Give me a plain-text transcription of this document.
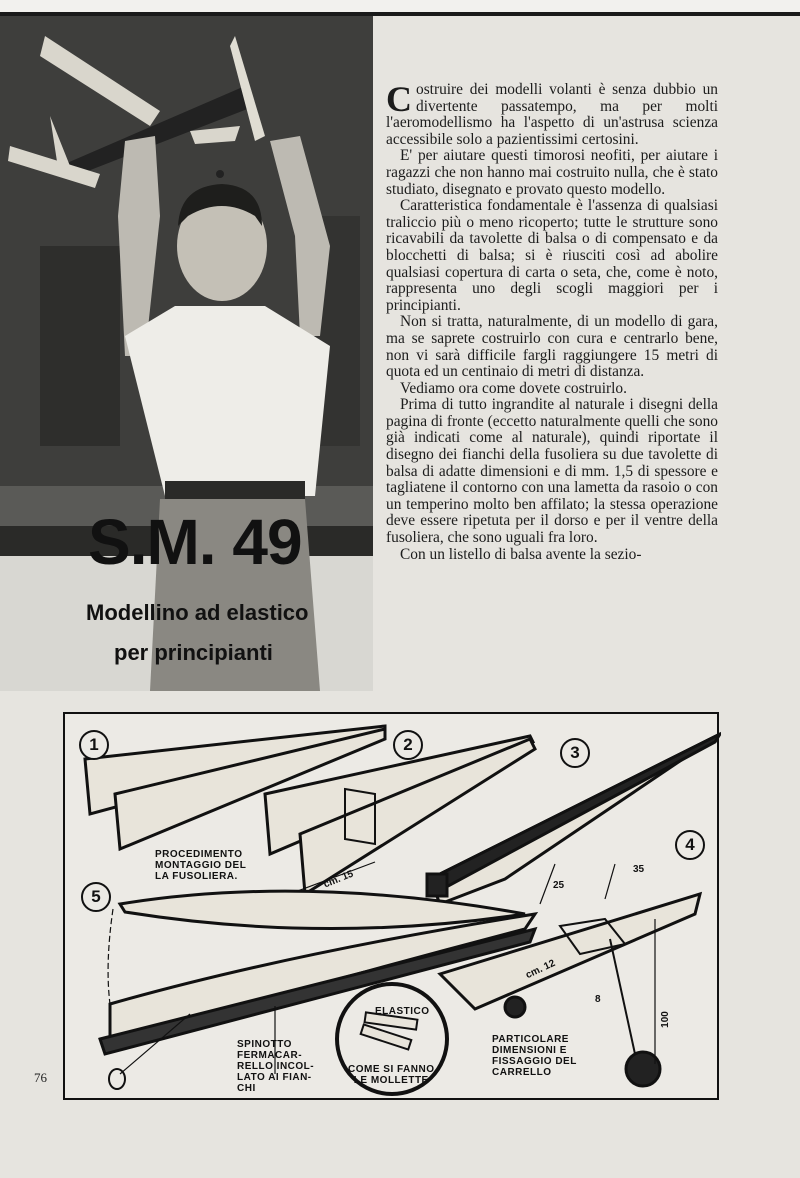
S.M. 49
Modellino ad elastico
per principianti

Costruire dei modelli volanti è senza dubbio un divertente passatempo, ma per molti l'aeromodellismo ha l'aspetto di un'astrusa scienza accessibile solo a pazientissimi certosini.

E' per aiutare questi timorosi neofiti, per aiutare i ragazzi che non hanno mai costruito nulla, che è stato studiato, disegnato e provato questo modello.

Caratteristica fondamentale è l'assenza di qualsiasi traliccio più o meno ricoperto; tutte le strutture sono ricavabili da tavolette di balsa o di compensato e da blocchetti di balsa; si è riusciti così ad abolire qualsiasi copertura di carta o seta, che, come è noto, rappresenta uno degli scogli maggiori per i principianti.

Non si tratta, naturalmente, di un modello di gara, ma se saprete costruirlo con cura e centrarlo bene, non vi sarà difficile fargli raggiungere 15 metri di quota ed un centinaio di metri di distanza.

Vediamo ora come dovete costruirlo.

Prima di tutto ingrandite al naturale i disegni della pagina di fronte (eccetto naturalmente quelli che sono già indicati come al naturale), quindi riportate il disegno dei fianchi della fusoliera su due tavolette di balsa di adatte dimensioni e di mm. 1,5 di spessore e tagliatene il contorno con una lametta da rasoio o con un temperino molto ben affilato; la stessa operazione deve essere ripetuta per il dorso e per il ventre della fusoliera, che sono uguali fra loro.

Con un listello di balsa avente la sezio-

1	2	3
4
5
PROCEDIMENTO
MONTAGGIO DEL
LA FUSOLIERA.	cm. 15	25
35
cm. 12
8
100
ELASTICO
COME SI FANNO
LE MOLLETTE
SPINOTTO
FERMACAR-
RELLO INCOL-
LATO AI FIAN-
CHI
PARTICOLARE
DIMENSIONI E
FISSAGGIO DEL
CARRELLO
76
